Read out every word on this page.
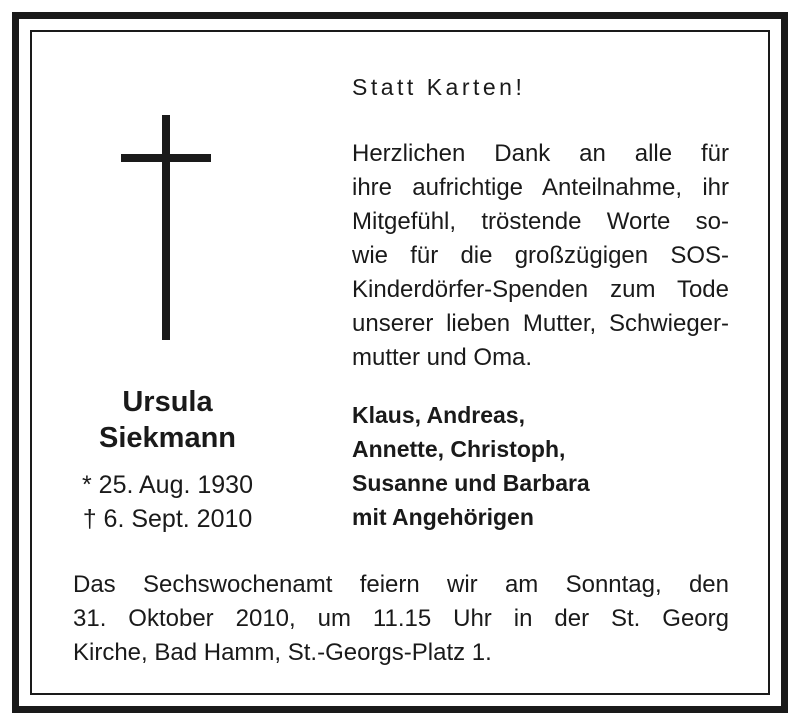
Ursula
Siekmann
* 25. Aug. 1930
† 6. Sept. 2010
Statt Karten!
Herzlichen Dank an alle für
ihre aufrichtige Anteilnahme, ihr
Mitgefühl, tröstende Worte so-
wie für die großzügigen SOS-
Kinderdörfer-Spenden zum Tode
unserer lieben Mutter, Schwieger-
mutter und Oma.
Klaus, Andreas,
Annette, Christoph,
Susanne und Barbara
mit Angehörigen
Das Sechswochenamt feiern wir am Sonntag, den
31. Oktober 2010, um 11.15 Uhr in der St. Georg
Kirche, Bad Hamm, St.-Georgs-Platz 1.
